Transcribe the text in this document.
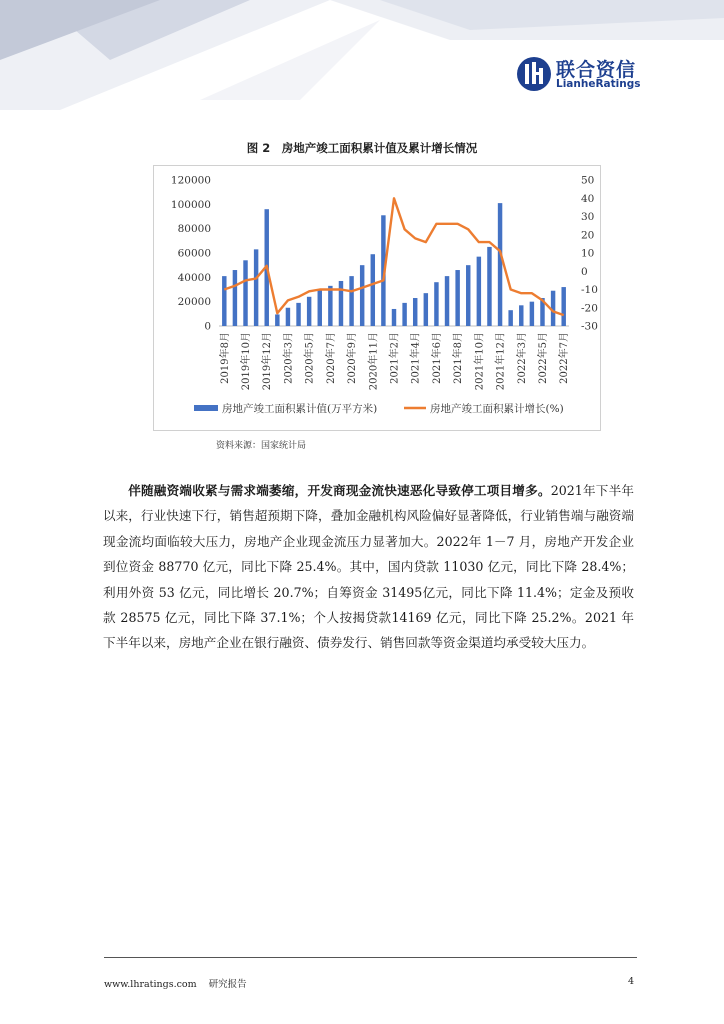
联合资信
LianheRatings
图 2　房地产竣工面积累计值及累计增长情况
0
20000
40000
60000
80000
100000
120000
-30
-20
-10
0
10
20
30
40
50
2019年8月 2019年10月 2019年12月 2020年3月 2020年5月 2020年7月 2020年9月 2020年11月 2021年2月 2021年4月 2021年6月 2021年8月 2021年10月 2021年12月 2022年3月 2022年5月 2022年7月
房地产竣工面积累计值(万平方米)	房地产竣工面积累计增长(%)
资料来源：国家统计局
伴随融资端收紧与需求端萎缩，开发商现金流快速恶化导致停工项目增多。2021年下半年以来，行业快速下行，销售超预期下降，叠加金融机构风险偏好显著降低，行业销售端与融资端现金流均面临较大压力，房地产企业现金流压力显著加大。2022年 1－7 月，房地产开发企业到位资金 88770 亿元，同比下降 25.4%。其中，国内贷款 11030 亿元，同比下降 28.4%；利用外资 53 亿元，同比增长 20.7%；自筹资金 31495亿元，同比下降 11.4%；定金及预收款 28575 亿元，同比下降 37.1%；个人按揭贷款14169 亿元，同比下降 25.2%。2021 年下半年以来，房地产企业在银行融资、债券发行、销售回款等资金渠道均承受较大压力。
www.lhratings.com 研究报告	4
